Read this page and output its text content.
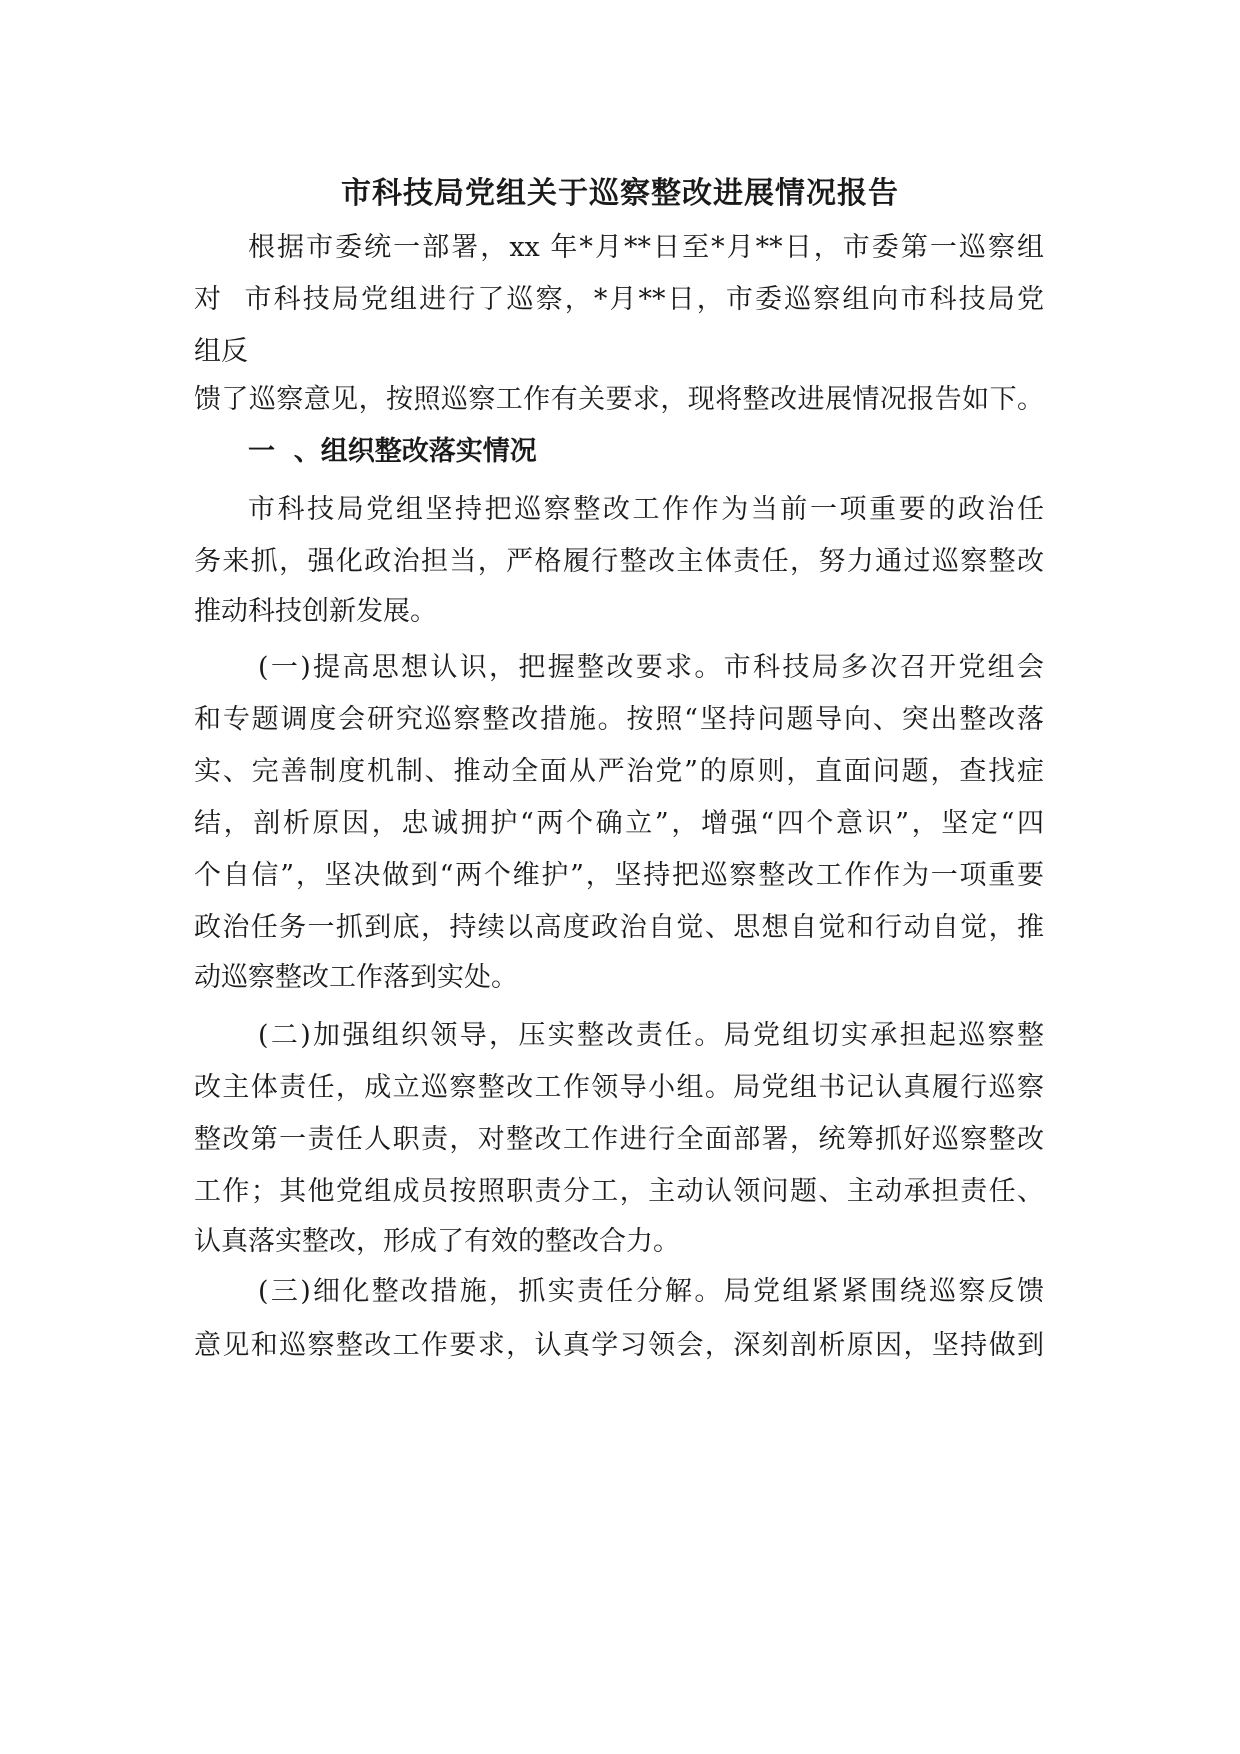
市科技局党组关于巡察整改进展情况报告
根据市委统一部署，xx 年*月**日至*月**日，市委第一巡察组
对  市科技局党组进行了巡察，*月**日，市委巡察组向市科技局党
组反
馈了巡察意见，按照巡察工作有关要求，现将整改进展情况报告如下。
一  、组织整改落实情况
市科技局党组坚持把巡察整改工作作为当前一项重要的政治任
务来抓，强化政治担当，严格履行整改主体责任，努力通过巡察整改
推动科技创新发展。
(一)提高思想认识，把握整改要求。市科技局多次召开党组会
和专题调度会研究巡察整改措施。按照“坚持问题导向、突出整改落
实、完善制度机制、推动全面从严治党”的原则，直面问题，查找症
结，剖析原因，忠诚拥护“两个确立”，增强“四个意识”，坚定“四
个自信”，坚决做到“两个维护”，坚持把巡察整改工作作为一项重要
政治任务一抓到底，持续以高度政治自觉、思想自觉和行动自觉，推
动巡察整改工作落到实处。
(二)加强组织领导，压实整改责任。局党组切实承担起巡察整
改主体责任，成立巡察整改工作领导小组。局党组书记认真履行巡察
整改第一责任人职责，对整改工作进行全面部署，统筹抓好巡察整改
工作；其他党组成员按照职责分工，主动认领问题、主动承担责任、
认真落实整改，形成了有效的整改合力。
(三)细化整改措施，抓实责任分解。局党组紧紧围绕巡察反馈
意见和巡察整改工作要求，认真学习领会，深刻剖析原因，坚持做到
